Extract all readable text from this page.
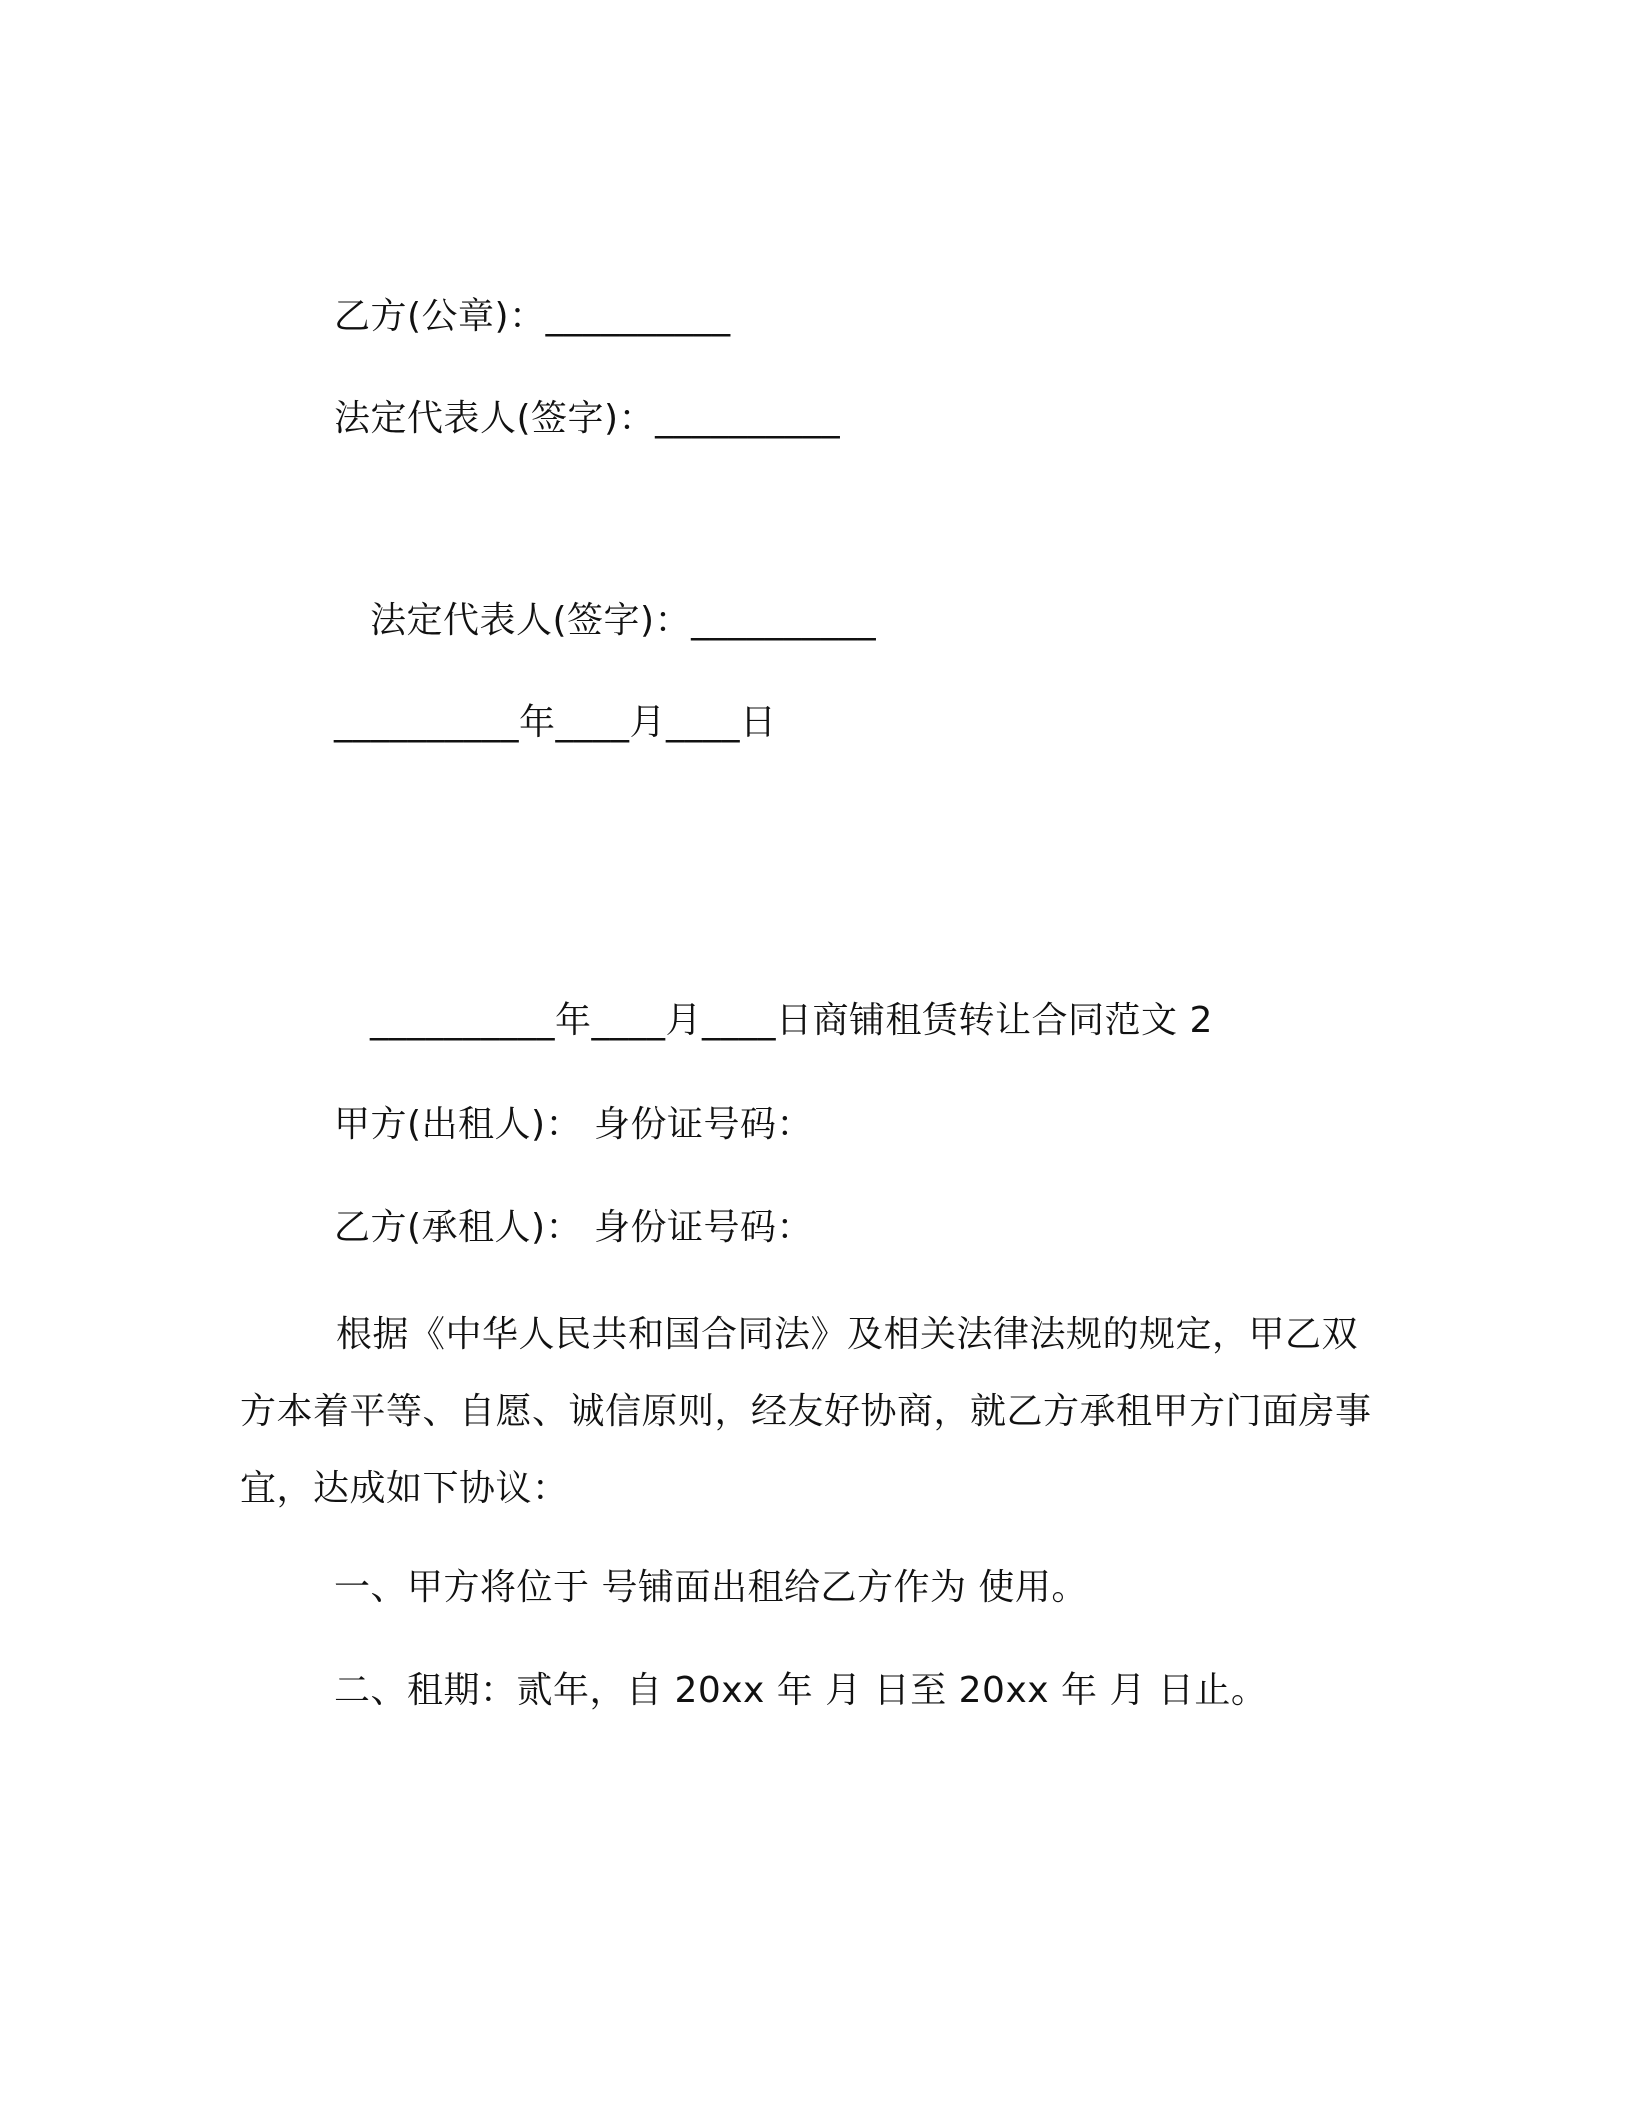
乙方(公章)：__________
法定代表人(签字)：__________
法定代表人(签字)：__________
__________年____月____日
__________年____月____日商铺租赁转让合同范文 2
甲方(出租人)： 身份证号码：
乙方(承租人)： 身份证号码：
根据《中华人民共和国合同法》及相关法律法规的规定，甲乙双方本着平等、自愿、诚信原则，经友好协商，就乙方承租甲方门面房事宜，达成如下协议：
一、甲方将位于 号铺面出租给乙方作为 使用。
二、租期：贰年，自 20xx 年 月 日至 20xx 年 月 日止。
